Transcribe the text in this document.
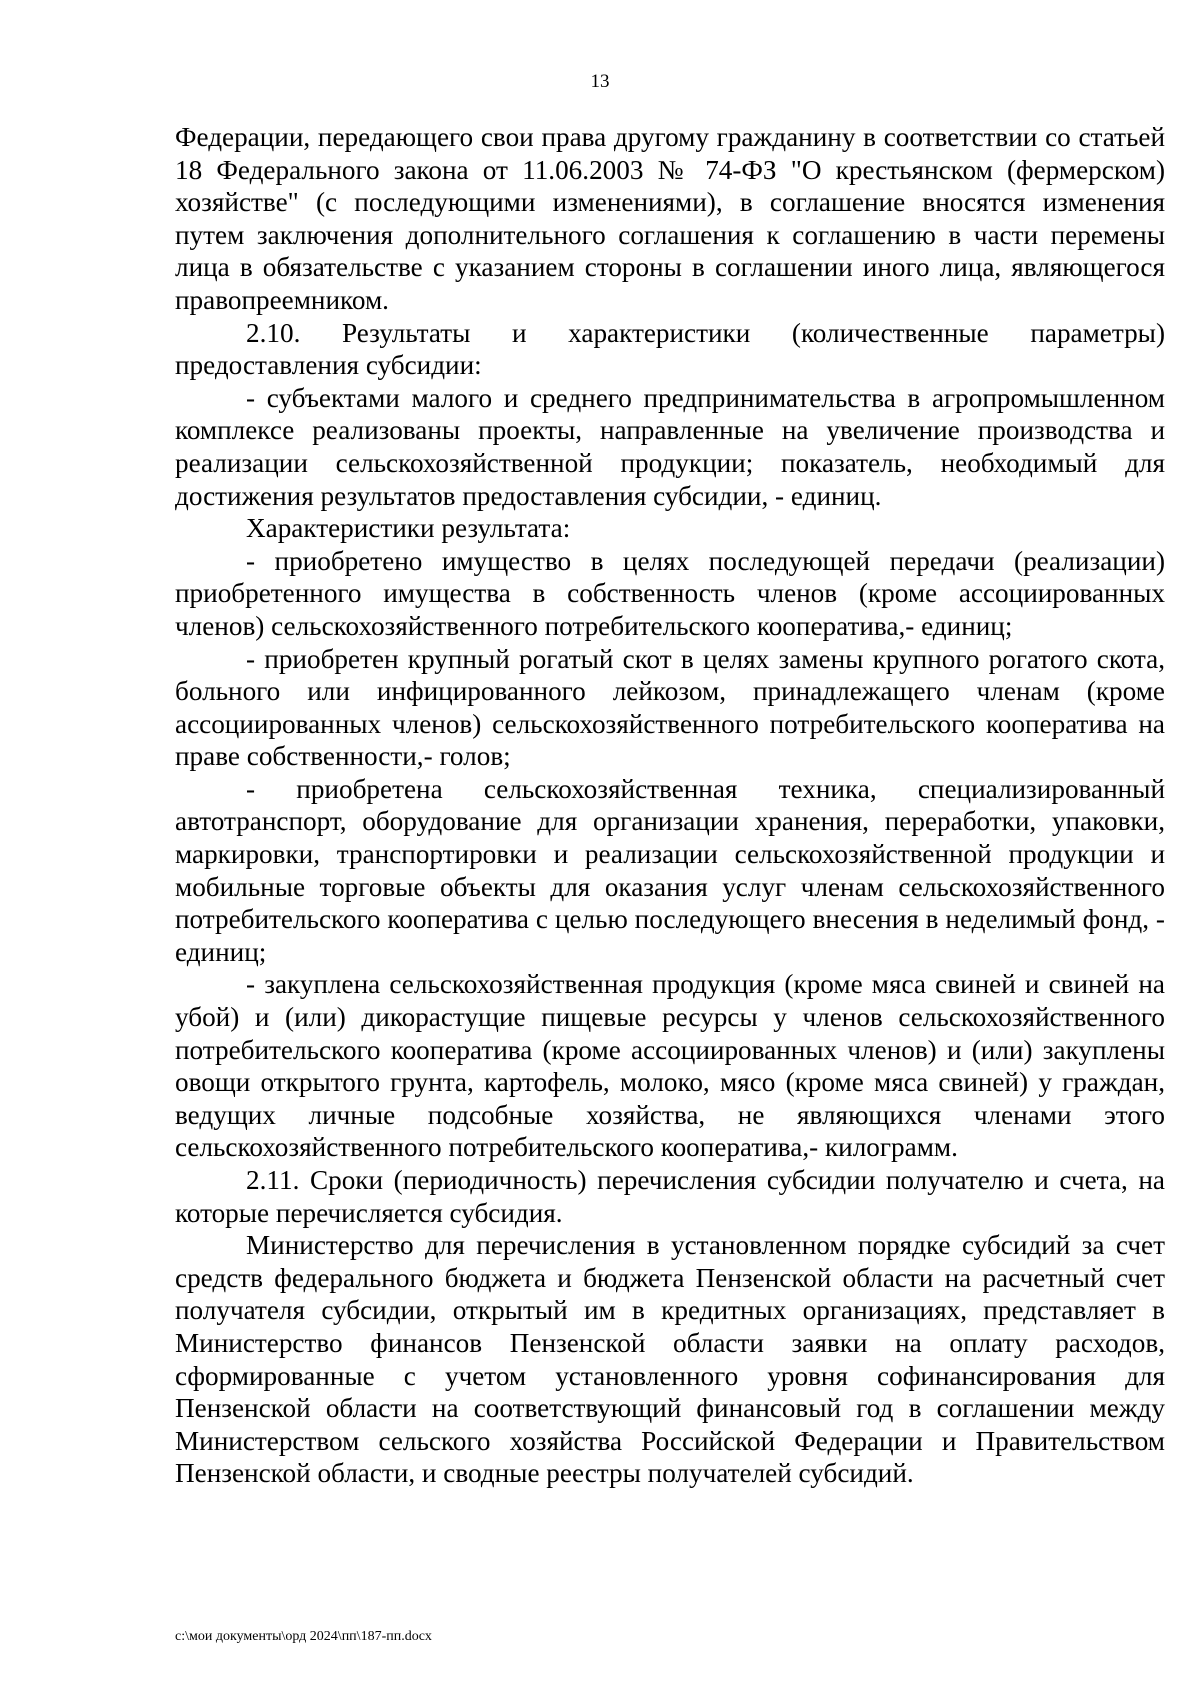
13

Федерации, передающего свои права другому гражданину в соответствии со статьей 18 Федерального закона от 11.06.2003 № 74-ФЗ "О крестьянском (фермерском) хозяйстве" (с последующими изменениями), в соглашение вносятся изменения путем заключения дополнительного соглашения к соглашению в части перемены лица в обязательстве с указанием стороны в соглашении иного лица, являющегося правопреемником.

2.10. Результаты и характеристики (количественные параметры) предоставления субсидии:

- субъектами малого и среднего предпринимательства в агропромышленном комплексе реализованы проекты, направленные на увеличение производства и реализации сельскохозяйственной продукции; показатель, необходимый для достижения результатов предоставления субсидии, - единиц.

Характеристики результата:

- приобретено имущество в целях последующей передачи (реализации) приобретенного имущества в собственность членов (кроме ассоциированных членов) сельскохозяйственного потребительского кооператива,- единиц;

- приобретен крупный рогатый скот в целях замены крупного рогатого скота, больного или инфицированного лейкозом, принадлежащего членам (кроме ассоциированных членов) сельскохозяйственного потребительского кооператива на праве собственности,- голов;

- приобретена сельскохозяйственная техника, специализированный автотранспорт, оборудование для организации хранения, переработки, упаковки, маркировки, транспортировки и реализации сельскохозяйственной продукции и мобильные торговые объекты для оказания услуг членам сельскохозяйственного потребительского кооператива с целью последующего внесения в неделимый фонд, - единиц;

- закуплена сельскохозяйственная продукция (кроме мяса свиней и свиней на убой) и (или) дикорастущие пищевые ресурсы у членов сельскохозяйственного потребительского кооператива (кроме ассоциированных членов) и (или) закуплены овощи открытого грунта, картофель, молоко, мясо (кроме мяса свиней) у граждан, ведущих личные подсобные хозяйства, не являющихся членами этого сельскохозяйственного потребительского кооператива,- килограмм.

2.11. Сроки (периодичность) перечисления субсидии получателю и счета, на которые перечисляется субсидия.

Министерство для перечисления в установленном порядке субсидий за счет средств федерального бюджета и бюджета Пензенской области на расчетный счет получателя субсидии, открытый им в кредитных организациях, представляет в Министерство финансов Пензенской области заявки на оплату расходов, сформированные с учетом установленного уровня софинансирования для Пензенской области на соответствующий финансовый год в соглашении между Министерством сельского хозяйства Российской Федерации и Правительством Пензенской области, и сводные реестры получателей субсидий.

c:\мои документы\орд 2024\пп\187-пп.docx
